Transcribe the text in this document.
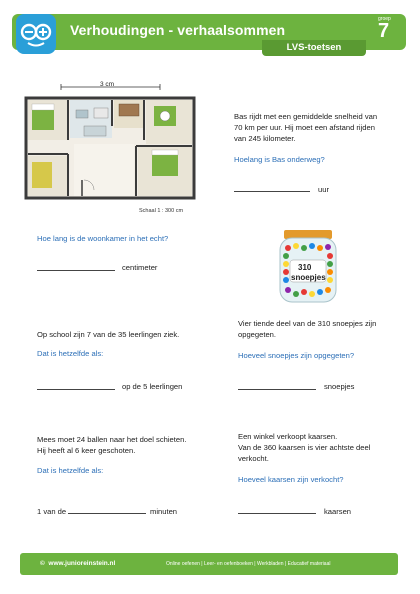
Verhoudingen - verhaalsommen
groep
7
LVS-toetsen
3 cm
Schaal 1 : 300 cm
Bas rijdt met een gemiddelde snelheid van
70 km per uur. Hij moet een afstand rijden
van 245 kilometer.
Hoelang is Bas onderweg?
uur
Hoe lang is de woonkamer in het echt?
centimeter	310
snoepjes
Op school zijn 7 van de 35 leerlingen ziek.
Dat is hetzelfde als:
op de 5 leerlingen
Vier tiende deel van de 310 snoepjes zijn
opgegeten.
Hoeveel snoepjes zijn opgegeten?
snoepjes
Mees moet 24 ballen naar het doel schieten.
Hij heeft al 6 keer geschoten.
Dat is hetzelfde als:
1 van de	minuten
Een winkel verkoopt kaarsen.
Van de 360 kaarsen is vier achtste deel
verkocht.
Hoeveel kaarsen zijn verkocht?
kaarsen
©  www.junioreinstein.nl	Online oefenen | Leer- en oefenboeken | Werkbladen | Educatief materiaal
